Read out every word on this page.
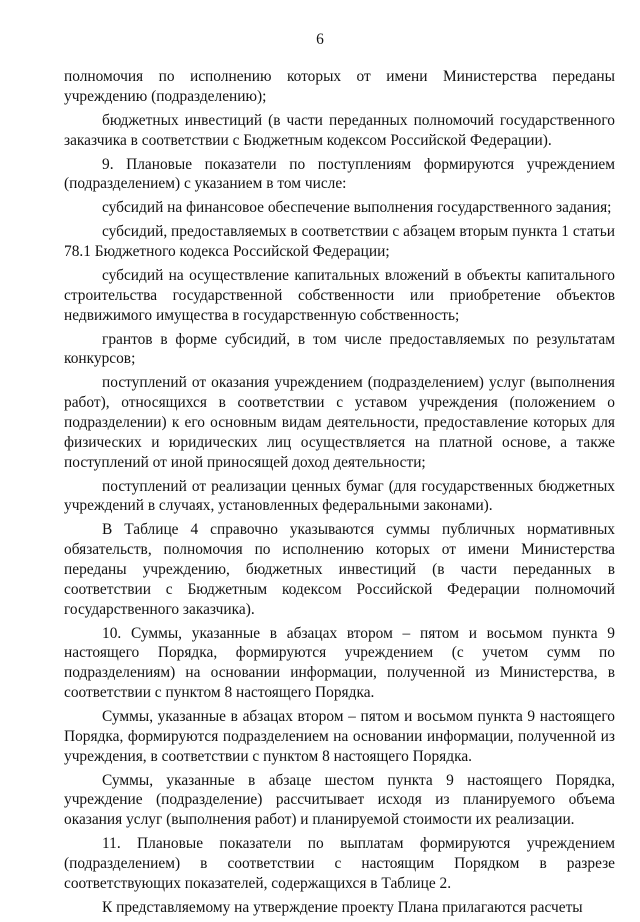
6

полномочия по исполнению которых от имени Министерства переданы учреждению (подразделению);

бюджетных инвестиций (в части переданных полномочий государственного заказчика в соответствии с Бюджетным кодексом Российской Федерации).

9. Плановые показатели по поступлениям формируются учреждением (подразделением) с указанием в том числе:

субсидий на финансовое обеспечение выполнения государственного задания;

субсидий, предоставляемых в соответствии с абзацем вторым пункта 1 статьи 78.1 Бюджетного кодекса Российской Федерации;

субсидий на осуществление капитальных вложений в объекты капитального строительства государственной собственности или приобретение объектов недвижимого имущества в государственную собственность;

грантов в форме субсидий, в том числе предоставляемых по результатам конкурсов;

поступлений от оказания учреждением (подразделением) услуг (выполнения работ), относящихся в соответствии с уставом учреждения (положением о подразделении) к его основным видам деятельности, предоставление которых для физических и юридических лиц осуществляется на платной основе, а также поступлений от иной приносящей доход деятельности;

поступлений от реализации ценных бумаг (для государственных бюджетных учреждений в случаях, установленных федеральными законами).

В Таблице 4 справочно указываются суммы публичных нормативных обязательств, полномочия по исполнению которых от имени Министерства переданы учреждению, бюджетных инвестиций (в части переданных в соответствии с Бюджетным кодексом Российской Федерации полномочий государственного заказчика).

10. Суммы, указанные в абзацах втором – пятом и восьмом пункта 9 настоящего Порядка, формируются учреждением (с учетом сумм по подразделениям) на основании информации, полученной из Министерства, в соответствии с пунктом 8 настоящего Порядка.

Суммы, указанные в абзацах втором – пятом и восьмом пункта 9 настоящего Порядка, формируются подразделением на основании информации, полученной из учреждения, в соответствии с пунктом 8 настоящего Порядка.

Суммы, указанные в абзаце шестом пункта 9 настоящего Порядка, учреждение (подразделение) рассчитывает исходя из планируемого объема оказания услуг (выполнения работ) и планируемой стоимости их реализации.

11. Плановые показатели по выплатам формируются учреждением (подразделением) в соответствии с настоящим Порядком в разрезе соответствующих показателей, содержащихся в Таблице 2.

К представляемому на утверждение проекту Плана прилагаются расчеты
